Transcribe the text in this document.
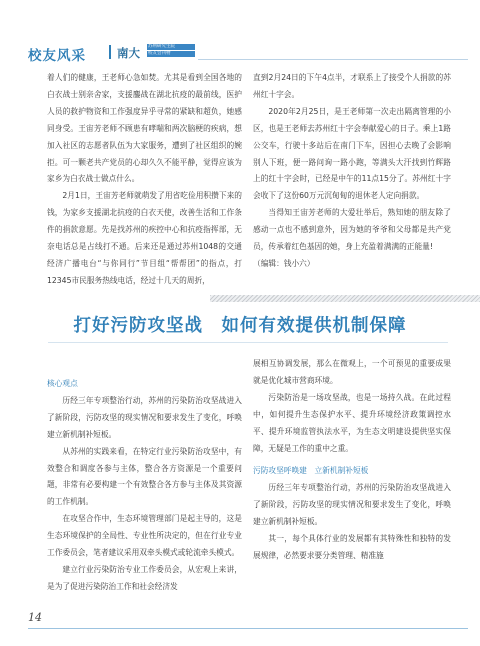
校友风采	南大 苏州研究生院
校友会刊物

着人们的健康，王老师心急如焚。尤其是看到全国各地的白衣战士别亲舍家，支援鏖战在湖北抗疫的最前线，医护人员的救护物资和工作强度异乎寻常的紧缺和超负，她感同身受。王宙芳老师不顾患有哮喘和两次脑梗的疾病，想加入社区的志愿者队伍为大家服务，遭到了社区组织的婉拒。可一颗老共产党员的心却久久不能平静，觉得应该为家乡为白衣战士做点什么。

2月1日，王宙芳老师就萌发了用省吃俭用积攒下来的钱，为家乡支援湖北抗疫的白衣天使，改善生活和工作条件的捐款意愿。先是找苏州的疾控中心和抗疫指挥部，无奈电话总是占线打不通。后来还是通过苏州1048的交通经济广播电台“与你同行”节目组“帮帮团”的指点，打12345市民服务热线电话，经过十几天的周折，

直到2月24日的下午4点半，才联系上了接受个人捐款的苏州红十字会。

2020年2月25日，是王老师第一次走出隔离管理的小区，也是王老师去苏州红十字会奉献爱心的日子。乘上1路公交车，行驶十多站后在南门下车，因担心去晚了会影响别人下班，便一路问询一路小跑，等满头大汗找到竹辉路上的红十字会时，已经是中午的11点15分了。苏州红十字会收下了这份60万元沉甸甸的退休老人定向捐款。

当得知王宙芳老师的大爱壮举后，熟知她的朋友除了感动一点也不感到意外，因为她的爷爷和父母都是共产党员，传承着红色基因的她，身上充盈着满满的正能量!

（编辑：钱小六）

打好污防攻坚战　如何有效提供机制保障

核心观点

历经三年专项整治行动，苏州的污染防治攻坚战进入了新阶段，污防攻坚的现实情况和要求发生了变化，呼唤建立新机制补短板。

从苏州的实践来看，在特定行业污染防治攻坚中，有效整合和调度各参与主体，整合各方资源是一个重要问题，非常有必要构建一个有效整合各方参与主体及其资源的工作机制。

在攻坚合作中，生态环境管理部门是起主导的，这是生态环境保护的全局性、专业性所决定的，但在行业专业工作委员会，笔者建议采用双牵头模式或轮流牵头模式。

建立行业污染防治专业工作委员会，从宏观上来讲，是为了促进污染防治工作和社会经济发

展相互协调发展，那么在微观上，一个可预见的重要成果就是优化城市营商环境。

污染防治是一场攻坚战，也是一场持久战。在此过程中，如何提升生态保护水平、提升环境经济政策调控水平、提升环境监管执法水平，为生态文明建设提供坚实保障，无疑是工作的重中之重。

污防攻坚呼唤建　立新机制补短板

历经三年专项整治行动，苏州的污染防治攻坚战进入了新阶段，污防攻坚的现实情况和要求发生了变化，呼唤建立新机制补短板。

其一，每个具体行业的发展都有其特殊性和独特的发展规律，必然要求要分类管理、精准施

14
